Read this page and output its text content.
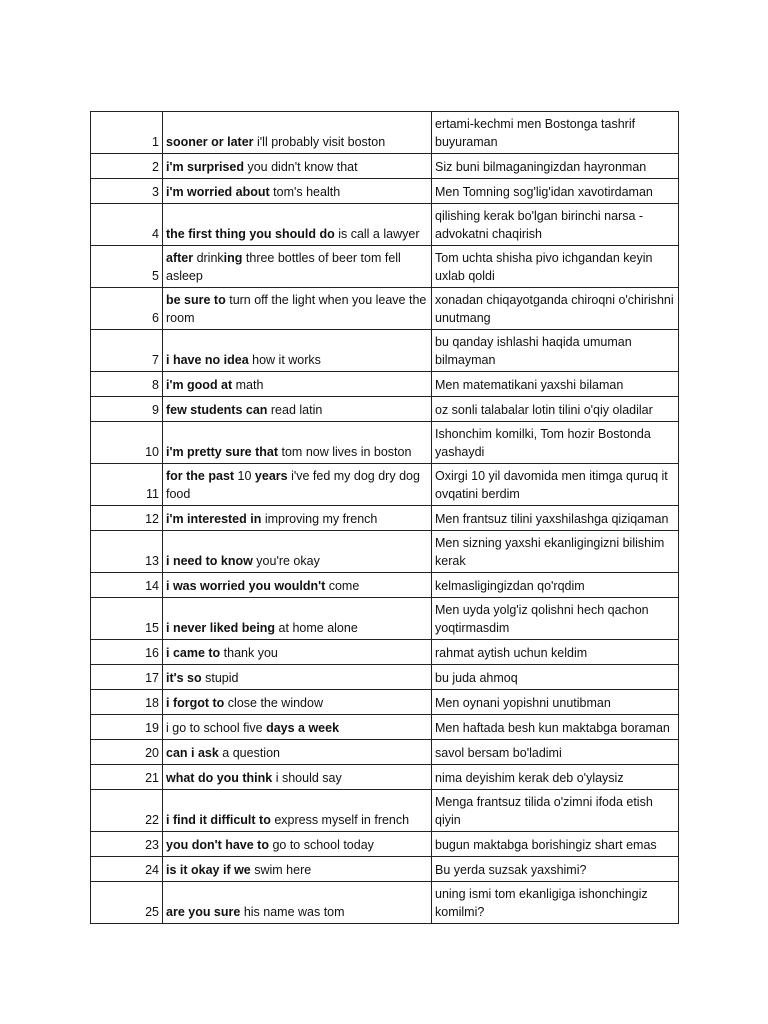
1	sooner or later i'll probably visit boston	ertami-kechmi men Bostonga tashrif buyuraman
2	i'm surprised you didn't know that	Siz buni bilmaganingizdan hayronman
3	i'm worried about tom's health	Men Tomning sog'lig'idan xavotirdaman
4	the first thing you should do is call a lawyer	qilishing kerak bo'lgan birinchi narsa - advokatni chaqirish
5	after drinking three bottles of beer tom fell asleep	Tom uchta shisha pivo ichgandan keyin uxlab qoldi
6	be sure to turn off the light when you leave the room	xonadan chiqayotganda chiroqni o'chirishni unutmang
7	i have no idea how it works	bu qanday ishlashi haqida umuman bilmayman
8	i'm good at math	Men matematikani yaxshi bilaman
9	few students can read latin	oz sonli talabalar lotin tilini o'qiy oladilar
10	i'm pretty sure that tom now lives in boston	Ishonchim komilki, Tom hozir Bostonda yashaydi
11	for the past 10 years i've fed my dog dry dog food	Oxirgi 10 yil davomida men itimga quruq it ovqatini berdim
12	i'm interested in improving my french	Men frantsuz tilini yaxshilashga qiziqaman
13	i need to know you're okay	Men sizning yaxshi ekanligingizni bilishim kerak
14	i was worried you wouldn't come	kelmasligingizdan qo'rqdim
15	i never liked being at home alone	Men uyda yolg'iz qolishni hech qachon yoqtirmasdim
16	i came to thank you	rahmat aytish uchun keldim
17	it's so stupid	bu juda ahmoq
18	i forgot to close the window	Men oynani yopishni unutibman
19	i go to school five days a week	Men haftada besh kun maktabga boraman
20	can i ask a question	savol bersam bo'ladimi
21	what do you think i should say	nima deyishim kerak deb o'ylaysiz
22	i find it difficult to express myself in french	Menga frantsuz tilida o'zimni ifoda etish qiyin
23	you don't have to go to school today	bugun maktabga borishingiz shart emas
24	is it okay if we swim here	Bu yerda suzsak yaxshimi?
25	are you sure his name was tom	uning ismi tom ekanligiga ishonchingiz komilmi?
